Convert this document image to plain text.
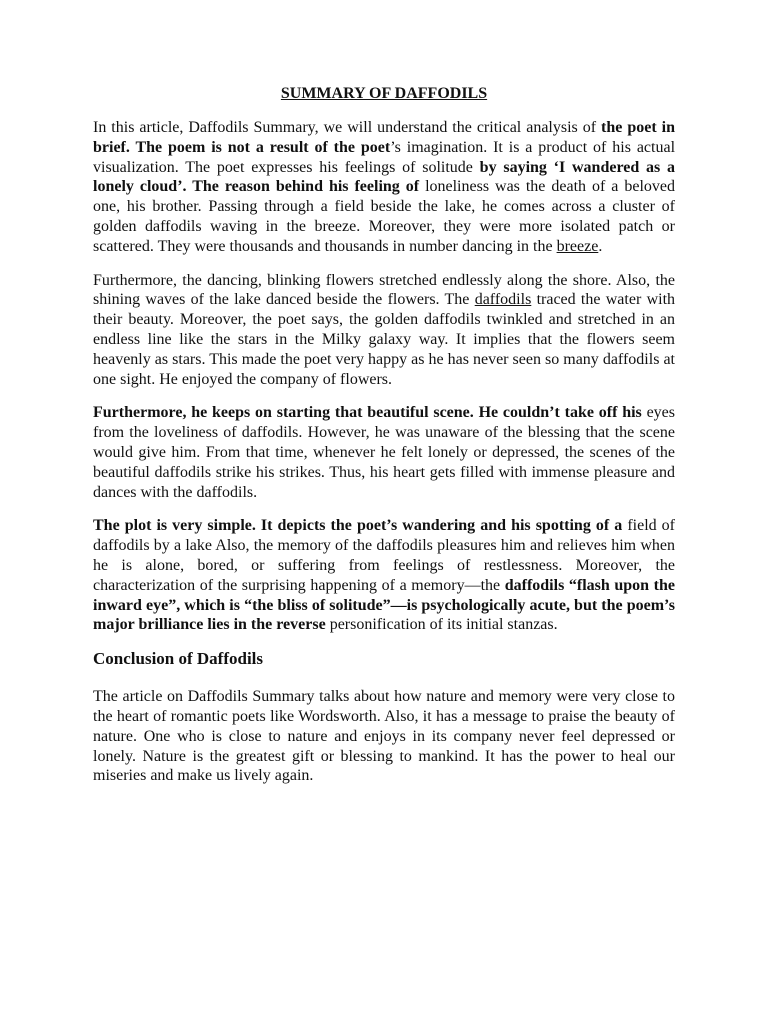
SUMMARY OF DAFFODILS

In this article, Daffodils Summary, we will understand the critical analysis of the poet in brief. The poem is not a result of the poet’s imagination. It is a product of his actual visualization. The poet expresses his feelings of solitude by saying ‘I wandered as a lonely cloud’. The reason behind his feeling of loneliness was the death of a beloved one, his brother. Passing through a field beside the lake, he comes across a cluster of golden daffodils waving in the breeze. Moreover, they were more isolated patch or scattered. They were thousands and thousands in number dancing in the breeze.

Furthermore, the dancing, blinking flowers stretched endlessly along the shore. Also, the shining waves of the lake danced beside the flowers. The daffodils traced the water with their beauty. Moreover, the poet says, the golden daffodils twinkled and stretched in an endless line like the stars in the Milky galaxy way. It implies that the flowers seem heavenly as stars. This made the poet very happy as he has never seen so many daffodils at one sight. He enjoyed the company of flowers.

Furthermore, he keeps on starting that beautiful scene. He couldn’t take off his eyes from the loveliness of daffodils. However, he was unaware of the blessing that the scene would give him. From that time, whenever he felt lonely or depressed, the scenes of the beautiful daffodils strike his strikes. Thus, his heart gets filled with immense pleasure and dances with the daffodils.

The plot is very simple. It depicts the poet’s wandering and his spotting of a field of daffodils by a lake Also, the memory of the daffodils pleasures him and relieves him when he is alone, bored, or suffering from feelings of restlessness. Moreover, the characterization of the surprising happening of a memory—the daffodils “flash upon the inward eye”, which is “the bliss of solitude”—is psychologically acute, but the poem’s major brilliance lies in the reverse personification of its initial stanzas.

Conclusion of Daffodils

The article on Daffodils Summary talks about how nature and memory were very close to the heart of romantic poets like Wordsworth. Also, it has a message to praise the beauty of nature. One who is close to nature and enjoys in its company never feel depressed or lonely. Nature is the greatest gift or blessing to mankind. It has the power to heal our miseries and make us lively again.
